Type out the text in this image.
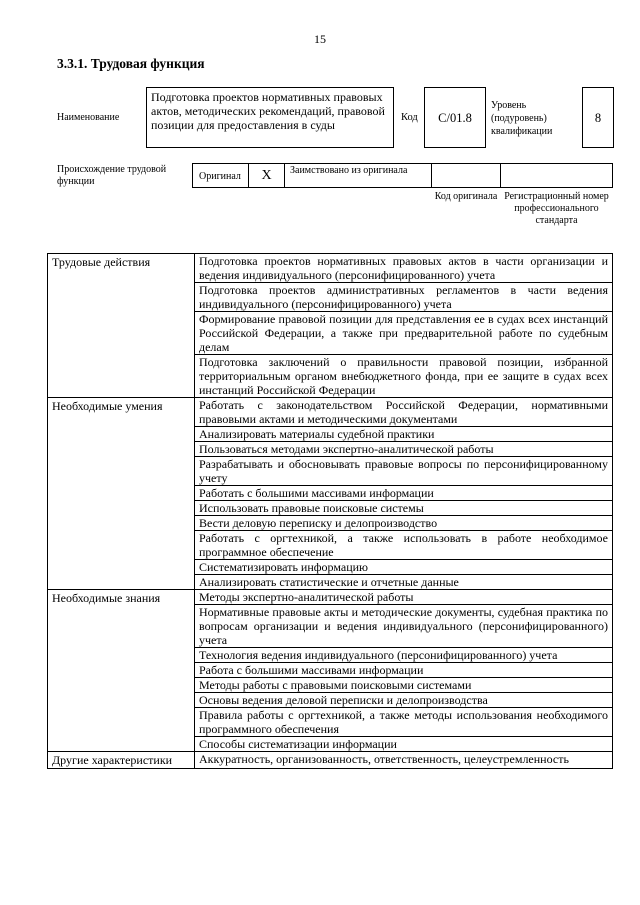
15
3.3.1. Трудовая функция
Наименование
Подготовка проектов нормативных правовых актов, методических рекомендаций, правовой позиции для предоставления в суды
Код	C/01.8
Уровень (подуровень) квалификации
8
Происхождение трудовой функции	Оригинал	X	Заимствовано из оригинала
Код оригинала Регистрационный номер профессионального стандарта
Трудовые действия	Подготовка проектов нормативных правовых актов в части организации и ведения индивидуального (персонифицированного) учета
	Подготовка проектов административных регламентов в части ведения индивидуального (персонифицированного) учета
	Формирование правовой позиции для представления ее в судах всех инстанций Российской Федерации, а также при предварительной работе по судебным делам
	Подготовка заключений о правильности правовой позиции, избранной территориальным органом внебюджетного фонда, при ее защите в судах всех инстанций Российской Федерации
Необходимые умения	Работать с законодательством Российской Федерации, нормативными правовыми актами и методическими документами
	Анализировать материалы судебной практики
	Пользоваться методами экспертно-аналитической работы
	Разрабатывать и обосновывать правовые вопросы по персонифицированному учету
	Работать с большими массивами информации
	Использовать правовые поисковые системы
	Вести деловую переписку и делопроизводство
	Работать с оргтехникой, а также использовать в работе необходимое программное обеспечение
	Систематизировать информацию
	Анализировать статистические и отчетные данные
Необходимые знания	Методы экспертно-аналитической работы
	Нормативные правовые акты и методические документы, судебная практика по вопросам организации и ведения индивидуального (персонифицированного) учета
	Технология ведения индивидуального (персонифицированного) учета
	Работа с большими массивами информации
	Методы работы с правовыми поисковыми системами
	Основы ведения деловой переписки и делопроизводства
	Правила работы с оргтехникой, а также методы использования необходимого программного обеспечения
	Способы систематизации информации
Другие характеристики	Аккуратность, организованность, ответственность, целеустремленность
